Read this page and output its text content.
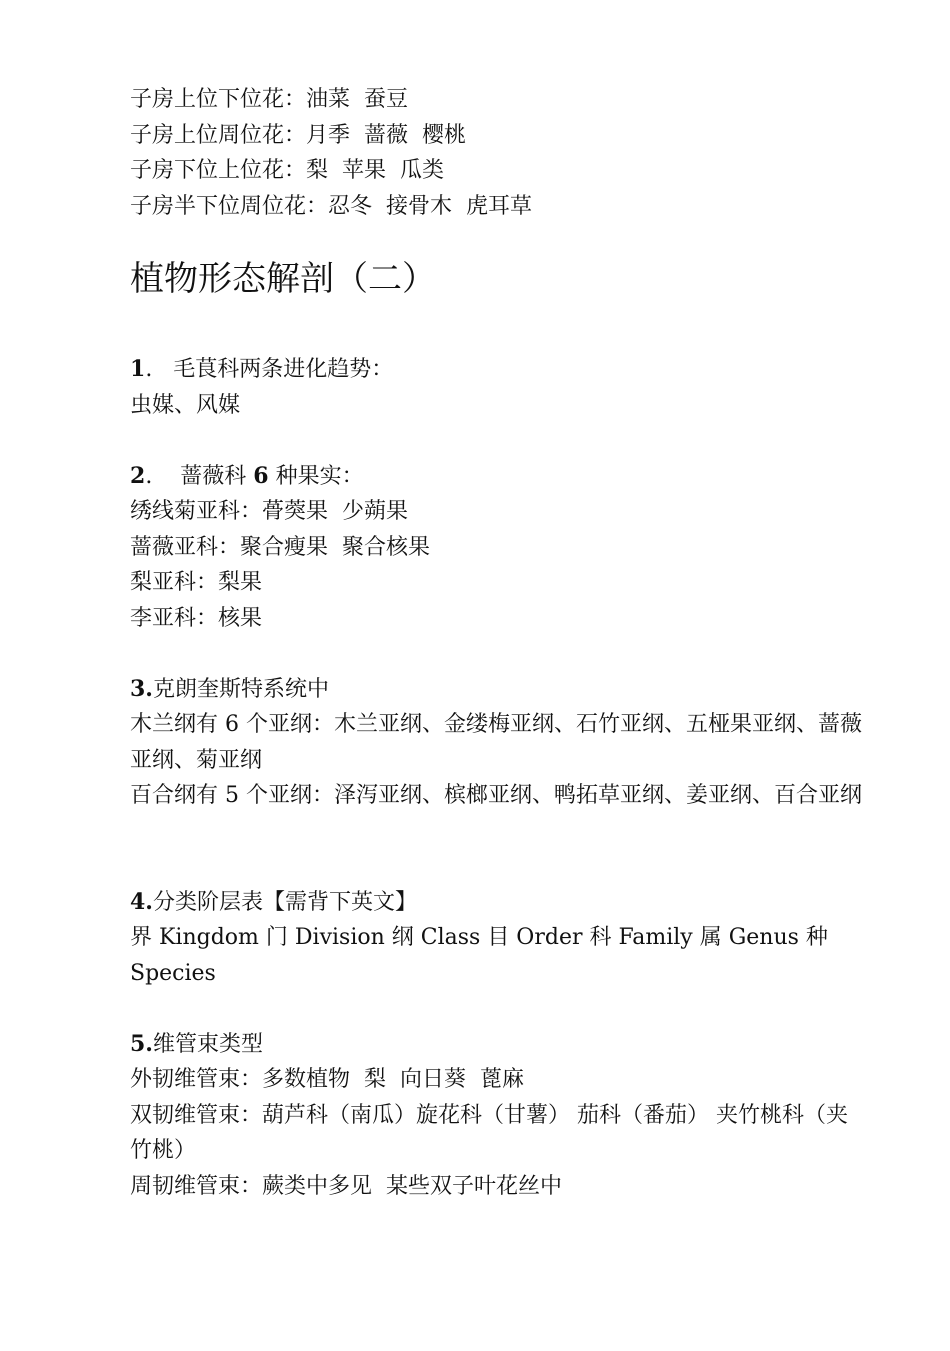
子房上位下位花：油菜  蚕豆
子房上位周位花：月季  蔷薇  樱桃
子房下位上位花：梨  苹果  瓜类
子房半下位周位花：忍冬  接骨木  虎耳草
植物形态解剖（二）
1.   毛茛科两条进化趋势：
虫媒、风媒
2.    蔷薇科 6 种果实：
绣线菊亚科：蓇葖果  少蒴果
蔷薇亚科：聚合瘦果  聚合核果
梨亚科：梨果
李亚科：核果
3.克朗奎斯特系统中
木兰纲有 6 个亚纲：木兰亚纲、金缕梅亚纲、石竹亚纲、五桠果亚纲、蔷薇亚纲、菊亚纲
百合纲有 5 个亚纲：泽泻亚纲、槟榔亚纲、鸭拓草亚纲、姜亚纲、百合亚纲
4.分类阶层表【需背下英文】
界 Kingdom 门 Division 纲 Class 目 Order 科 Family 属 Genus 种 Species
5.维管束类型
外韧维管束：多数植物  梨  向日葵  蓖麻
双韧维管束：葫芦科（南瓜）旋花科（甘薯） 茄科（番茄） 夹竹桃科（夹竹桃）
周韧维管束：蕨类中多见  某些双子叶花丝中
